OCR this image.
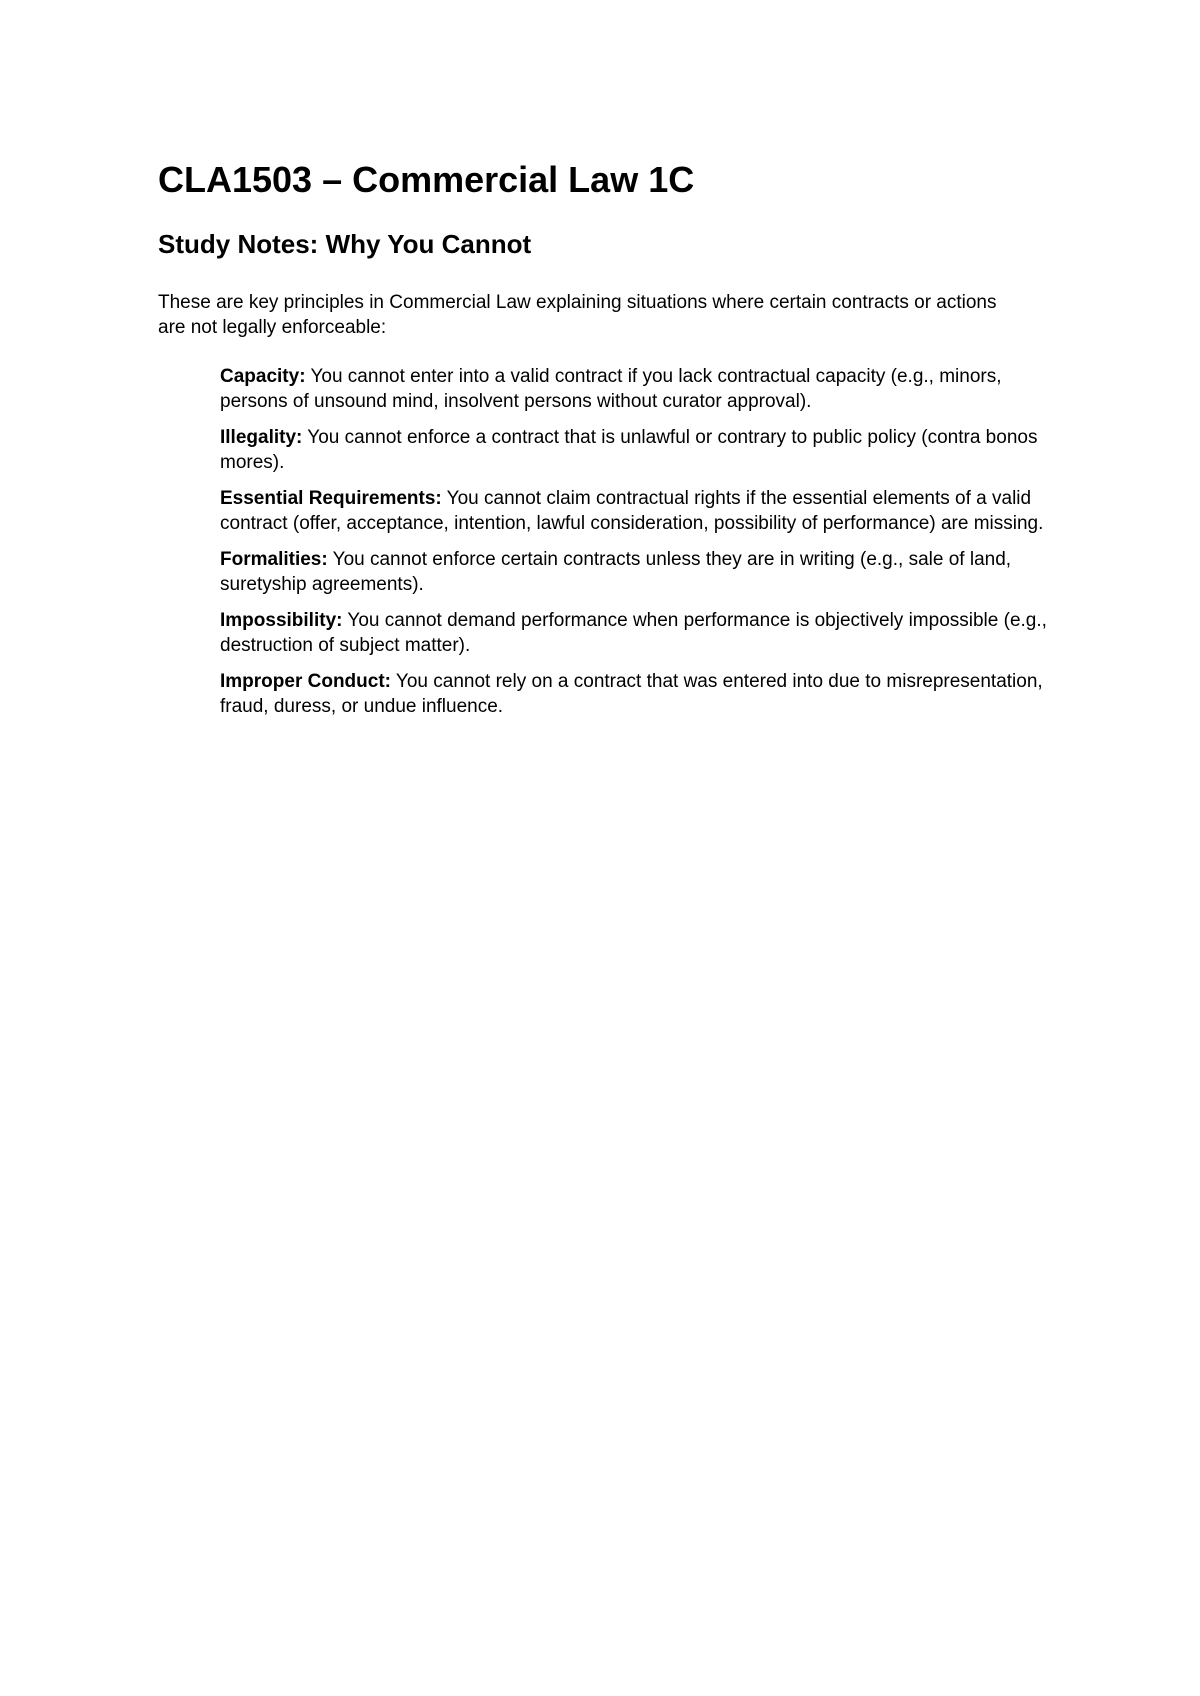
CLA1503 – Commercial Law 1C
Study Notes: Why You Cannot

These are key principles in Commercial Law explaining situations where certain contracts or actions are not legally enforceable:

Capacity: You cannot enter into a valid contract if you lack contractual capacity (e.g., minors, persons of unsound mind, insolvent persons without curator approval).
Illegality: You cannot enforce a contract that is unlawful or contrary to public policy (contra bonos mores).
Essential Requirements: You cannot claim contractual rights if the essential elements of a valid contract (offer, acceptance, intention, lawful consideration, possibility of performance) are missing.
Formalities: You cannot enforce certain contracts unless they are in writing (e.g., sale of land, suretyship agreements).
Impossibility: You cannot demand performance when performance is objectively impossible (e.g., destruction of subject matter).
Improper Conduct: You cannot rely on a contract that was entered into due to misrepresentation, fraud, duress, or undue influence.
